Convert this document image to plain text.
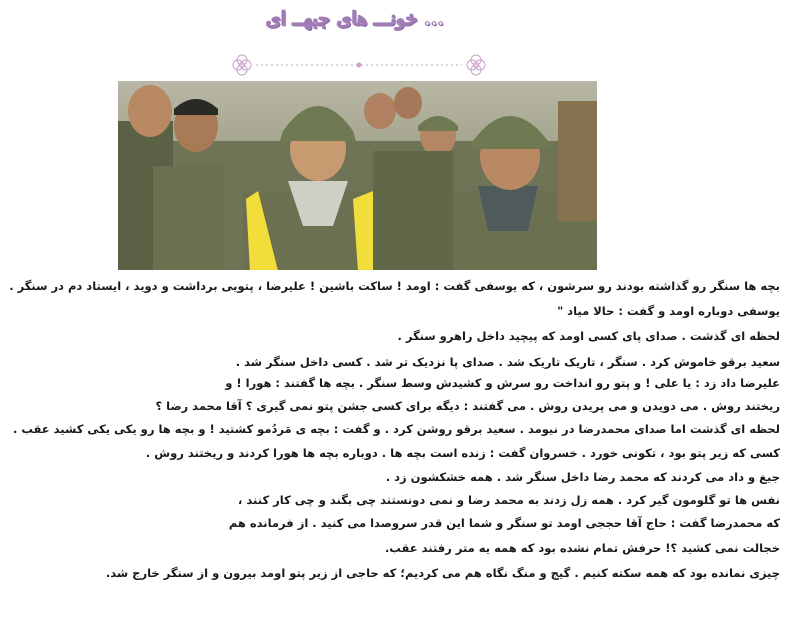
خونـــ های جبهــ ای ...

بچه ها سنگر رو گذاشته بودند رو سرشون ، که یوسفی گفت : اومد ! ساکت باشین ! علیرضا ، پتویی برداشت و دوید ، ایستاد دم در سنگر .

یوسفی دوباره اومد و گفت : حالا میاد "

لحظه ای گذشت . صدای پای کسی اومد که پیچید داخل راهرو سنگر .

سعید برقو خاموش کرد . سنگر ، تاریک تاریک شد . صدای پا نزدیک تر شد . کسی داخل سنگر شد .

علیرضا داد زد : یا علی ! و پتو رو انداخت رو سرش و کشیدش وسط سنگر . بچه ها گفتند : هورا ! و

ریختند روش . می دویدن و می پریدن روش . می گفتند : دیگه برای کسی جشن پتو نمی گیری ؟ آقا محمد رضا ؟

لحظه ای گذشت اما صدای محمدرضا در نیومد . سعید برقو روشن کرد . و گفت : بچه ی مَردُمو کشتید ! و بچه ها رو یکی یکی کشید عقب .

کسی که زیر پتو بود ، تکونی خورد . خسروان گفت : زنده است بچه ها . دوباره بچه ها هورا کردند و ریختند روش .

جیغ و داد می کردند که محمد رضا داخل سنگر شد . همه خشکشون زد .

نفس ها تو گلومون گیر کرد . همه زل زدند به محمد رضا و نمی دونستند چی بگند و چی کار کنند ،

که محمدرضا گفت : حاج آقا حججی اومد تو سنگر و شما این قدر سروصدا می کنید . از فرمانده هم

خجالت نمی کشید ؟! حرفش تمام نشده بود که همه یه متر رفتند عقب.

چیزی نمانده بود که همه سکته کنیم . گیج و منگ نگاه هم می کردیم؛ که حاجی از زیر پتو اومد بیرون و از سنگر خارج شد.
